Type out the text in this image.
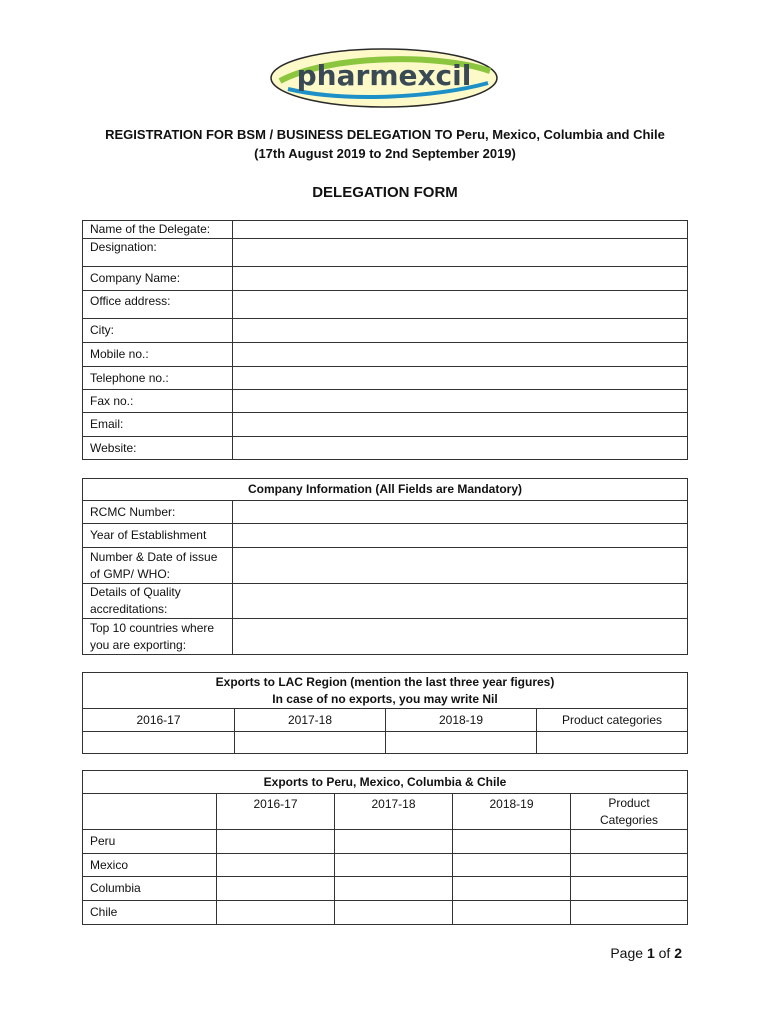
pharmexcil
REGISTRATION FOR BSM / BUSINESS DELEGATION TO Peru, Mexico, Columbia and Chile
(17th August 2019 to 2nd September 2019)
DELEGATION FORM
Name of the Delegate:	
Designation:	
Company Name:	
Office address:	
City:	
Mobile no.:	
Telephone no.:	
Fax no.:	
Email:	
Website:	
Company Information (All Fields are Mandatory)	
RCMC Number:	
Year of Establishment	
Number & Date of issue of GMP/ WHO:	
Details of Quality accreditations:	
Top 10 countries where you are exporting:	
Exports to LAC Region (mention the last three year figures)
In case of no exports, you may write Nil			

2016-17	2017-18	2018-19	Product categories

Exports to Peru, Mexico, Columbia & Chile				
	2016-17	2017-18	2018-19	Product Categories
Peru				
Mexico				
Columbia				
Chile				
Page 1 of 2
